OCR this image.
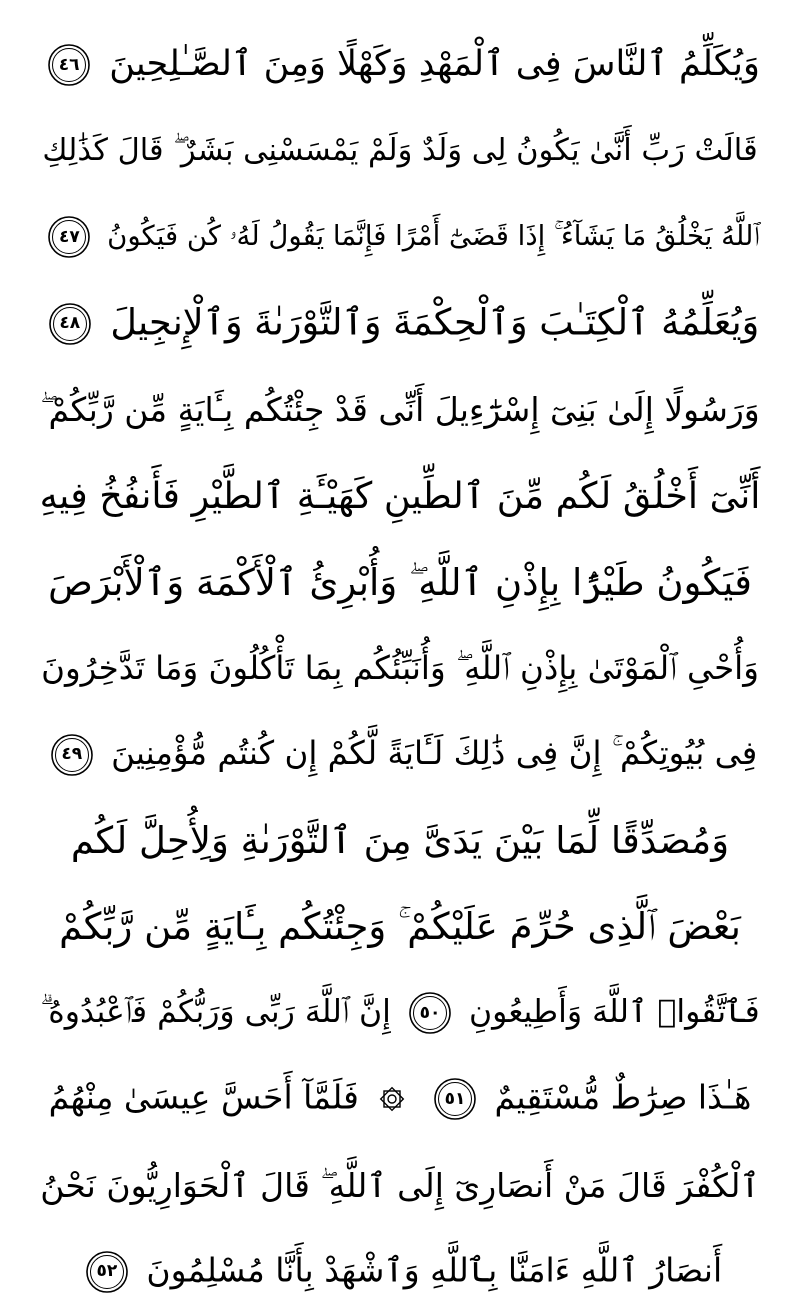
وَيُكَلِّمُ ٱلنَّاسَ فِى ٱلْمَهْدِ وَكَهْلًا وَمِنَ ٱلصَّـٰلِحِينَ
٤٦
قَالَتْ رَبِّ أَنَّىٰ يَكُونُ لِى وَلَدٌ وَلَمْ يَمْسَسْنِى بَشَرٌ ۖ قَالَ كَذَٰلِكِ
ٱللَّهُ يَخْلُقُ مَا يَشَآءُ ۚ إِذَا قَضَىٰٓ أَمْرًا فَإِنَّمَا يَقُولُ لَهُۥ كُن فَيَكُونُ
٤٧
وَيُعَلِّمُهُ ٱلْكِتَـٰبَ وَٱلْحِكْمَةَ وَٱلتَّوْرَىٰةَ وَٱلْإِنجِيلَ
٤٨
وَرَسُولًا إِلَىٰ بَنِىٓ إِسْرَٰٓءِيلَ أَنِّى قَدْ جِئْتُكُم بِـَٔايَةٍ مِّن رَّبِّكُمْ ۖ
أَنِّىٓ أَخْلُقُ لَكُم مِّنَ ٱلطِّينِ كَهَيْـَٔةِ ٱلطَّيْرِ فَأَنفُخُ فِيهِ
فَيَكُونُ طَيْرًۢا بِإِذْنِ ٱللَّهِ ۖ وَأُبْرِئُ ٱلْأَكْمَهَ وَٱلْأَبْرَصَ
وَأُحْىِ ٱلْمَوْتَىٰ بِإِذْنِ ٱللَّهِ ۖ وَأُنَبِّئُكُم بِمَا تَأْكُلُونَ وَمَا تَدَّخِرُونَ
فِى بُيُوتِكُمْ ۚ إِنَّ فِى ذَٰلِكَ لَـَٔايَةً لَّكُمْ إِن كُنتُم مُّؤْمِنِينَ
٤٩
وَمُصَدِّقًا لِّمَا بَيْنَ يَدَىَّ مِنَ ٱلتَّوْرَىٰةِ وَلِأُحِلَّ لَكُم
بَعْضَ ٱلَّذِى حُرِّمَ عَلَيْكُمْ ۚ وَجِئْتُكُم بِـَٔايَةٍ مِّن رَّبِّكُمْ
فَٱتَّقُوا۟ ٱللَّهَ وَأَطِيعُونِ
٥٠
إِنَّ ٱللَّهَ رَبِّى وَرَبُّكُمْ فَٱعْبُدُوهُ ۗ
هَـٰذَا صِرَٰطٌ مُّسْتَقِيمٌ
٥١

فَلَمَّآ أَحَسَّ عِيسَىٰ مِنْهُمُ
ٱلْكُفْرَ قَالَ مَنْ أَنصَارِىٓ إِلَى ٱللَّهِ ۖ قَالَ ٱلْحَوَارِيُّونَ نَحْنُ
أَنصَارُ ٱللَّهِ ءَامَنَّا بِٱللَّهِ وَٱشْهَدْ بِأَنَّا مُسْلِمُونَ
٥٢
